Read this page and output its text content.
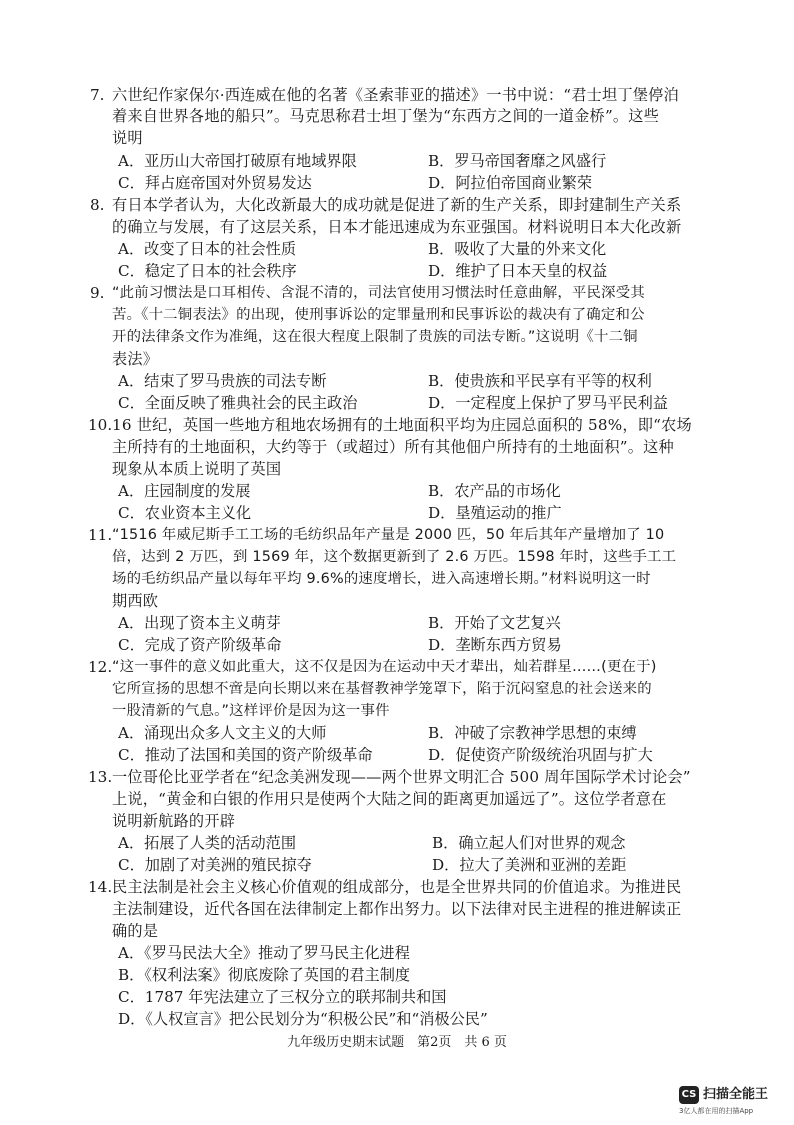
7. 六世纪作家保尔·西连威在他的名著《圣索菲亚的描述》一书中说：“君士坦丁堡停泊
着来自世界各地的船只”。马克思称君士坦丁堡为“东西方之间的一道金桥”。这些
说明
A．亚历山大帝国打破原有地域界限	B．罗马帝国奢靡之风盛行
C．拜占庭帝国对外贸易发达	D．阿拉伯帝国商业繁荣
8. 有日本学者认为，大化改新最大的成功就是促进了新的生产关系，即封建制生产关系
的确立与发展，有了这层关系，日本才能迅速成为东亚强国。材料说明日本大化改新
A．改变了日本的社会性质	B．吸收了大量的外来文化
C．稳定了日本的社会秩序	D．维护了日本天皇的权益
9. “此前习惯法是口耳相传、含混不清的，司法官使用习惯法时任意曲解，平民深受其
苦。《十二铜表法》的出现，使刑事诉讼的定罪量刑和民事诉讼的裁决有了确定和公
开的法律条文作为准绳，这在很大程度上限制了贵族的司法专断。”这说明《十二铜
表法》
A．结束了罗马贵族的司法专断	B．使贵族和平民享有平等的权利
C．全面反映了雅典社会的民主政治	D．一定程度上保护了罗马平民利益
10. 16 世纪，英国一些地方租地农场拥有的土地面积平均为庄园总面积的 58%，即“农场
主所持有的土地面积，大约等于（或超过）所有其他佃户所持有的土地面积”。这种
现象从本质上说明了英国
A．庄园制度的发展	B．农产品的市场化
C．农业资本主义化	D．垦殖运动的推广
11. “1516 年威尼斯手工工场的毛纺织品年产量是 2000 匹，50 年后其年产量增加了 10
倍，达到 2 万匹，到 1569 年，这个数据更新到了 2.6 万匹。1598 年时，这些手工工
场的毛纺织品产量以每年平均 9.6%的速度增长，进入高速增长期。”材料说明这一时
期西欧
A．出现了资本主义萌芽	B．开始了文艺复兴
C．完成了资产阶级革命	D．垄断东西方贸易
12. “这一事件的意义如此重大，这不仅是因为在运动中天才辈出，灿若群星……(更在于)
它所宣扬的思想不啻是向长期以来在基督教神学笼罩下，陷于沉闷窒息的社会送来的
一股清新的气息。”这样评价是因为这一事件
A．涌现出众多人文主义的大师	B．冲破了宗教神学思想的束缚
C．推动了法国和美国的资产阶级革命	D．促使资产阶级统治巩固与扩大
13. 一位哥伦比亚学者在“纪念美洲发现——两个世界文明汇合 500 周年国际学术讨论会”
上说，“黄金和白银的作用只是使两个大陆之间的距离更加遥远了”。这位学者意在
说明新航路的开辟
A．拓展了人类的活动范围	B．确立起人们对世界的观念
C．加剧了对美洲的殖民掠夺	D．拉大了美洲和亚洲的差距
14. 民主法制是社会主义核心价值观的组成部分，也是全世界共同的价值追求。为推进民
主法制建设，近代各国在法律制定上都作出努力。以下法律对民主进程的推进解读正
确的是
A．《罗马民法大全》推动了罗马民主化进程
B．《权利法案》彻底废除了英国的君主制度
C．1787 年宪法建立了三权分立的联邦制共和国
D．《人权宣言》把公民划分为“积极公民”和“消极公民”
九年级历史期末试题　第2页　共 6 页
CS 扫描全能王
3亿人都在用的扫描App
